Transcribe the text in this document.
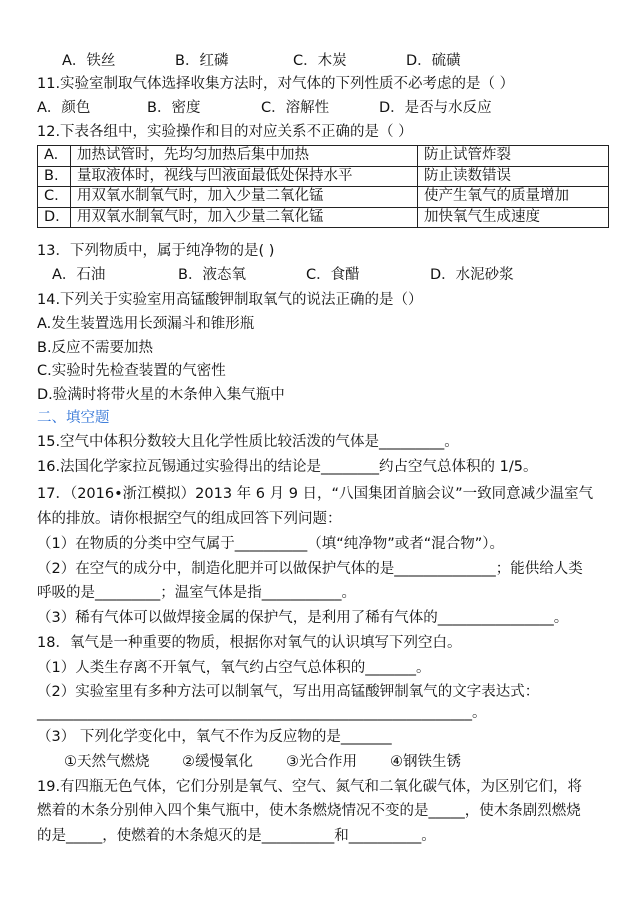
A．铁丝	B．红磷	C．木炭	D．硫磺
11.实验室制取气体选择收集方法时，对气体的下列性质不必考虑的是（ ）
A．颜色	B．密度	C．溶解性	D．是否与水反应
12.下表各组中，实验操作和目的对应关系不正确的是（ ）
A.	加热试管时，先均匀加热后集中加热	防止试管炸裂
B.	量取液体时，视线与凹液面最低处保持水平	防止读数错误
C.	用双氧水制氧气时，加入少量二氧化锰	使产生氧气的质量增加
D.	用双氧水制氧气时，加入少量二氧化锰	加快氧气生成速度
13．下列物质中，属于纯净物的是( )
A．石油	B．液态氧	C．食醋	D．水泥砂浆
14.下列关于实验室用高锰酸钾制取氧气的说法正确的是（）
A.发生装置选用长颈漏斗和锥形瓶
B.反应不需要加热
C.实验时先检查装置的气密性
D.验满时将带火星的木条伸入集气瓶中
二、填空题
15.空气中体积分数较大且化学性质比较活泼的气体是_________。
16.法国化学家拉瓦锡通过实验得出的结论是________约占空气总体积的 1/5。
17．（2016•浙江模拟）2013 年 6 月 9 日，“八国集团首脑会议”一致同意减少温室气
体的排放。请你根据空气的组成回答下列问题：
（1）在物质的分类中空气属于__________（填“纯净物”或者“混合物”）。
（2）在空气的成分中，制造化肥并可以做保护气体的是______________；能供给人类
呼吸的是_________；温室气体是指___________。
（3）稀有气体可以做焊接金属的保护气，是利用了稀有气体的________________。
18．氧气是一种重要的物质，根据你对氧气的认识填写下列空白。
（1）人类生存离不开氧气，氧气约占空气总体积的_______。
（2）实验室里有多种方法可以制氧气，写出用高锰酸钾制氧气的文字表达式：
____________________________________________________________。
（3） 下列化学变化中，氧气不作为反应物的是_______
①天然气燃烧 ②缓慢氧化 ③光合作用 ④钢铁生锈
19.有四瓶无色气体，它们分别是氧气、空气、氮气和二氧化碳气体，为区别它们，将
燃着的木条分别伸入四个集气瓶中，使木条燃烧情况不变的是_____，使木条剧烈燃烧
的是_____，使燃着的木条熄灭的是__________和__________。
